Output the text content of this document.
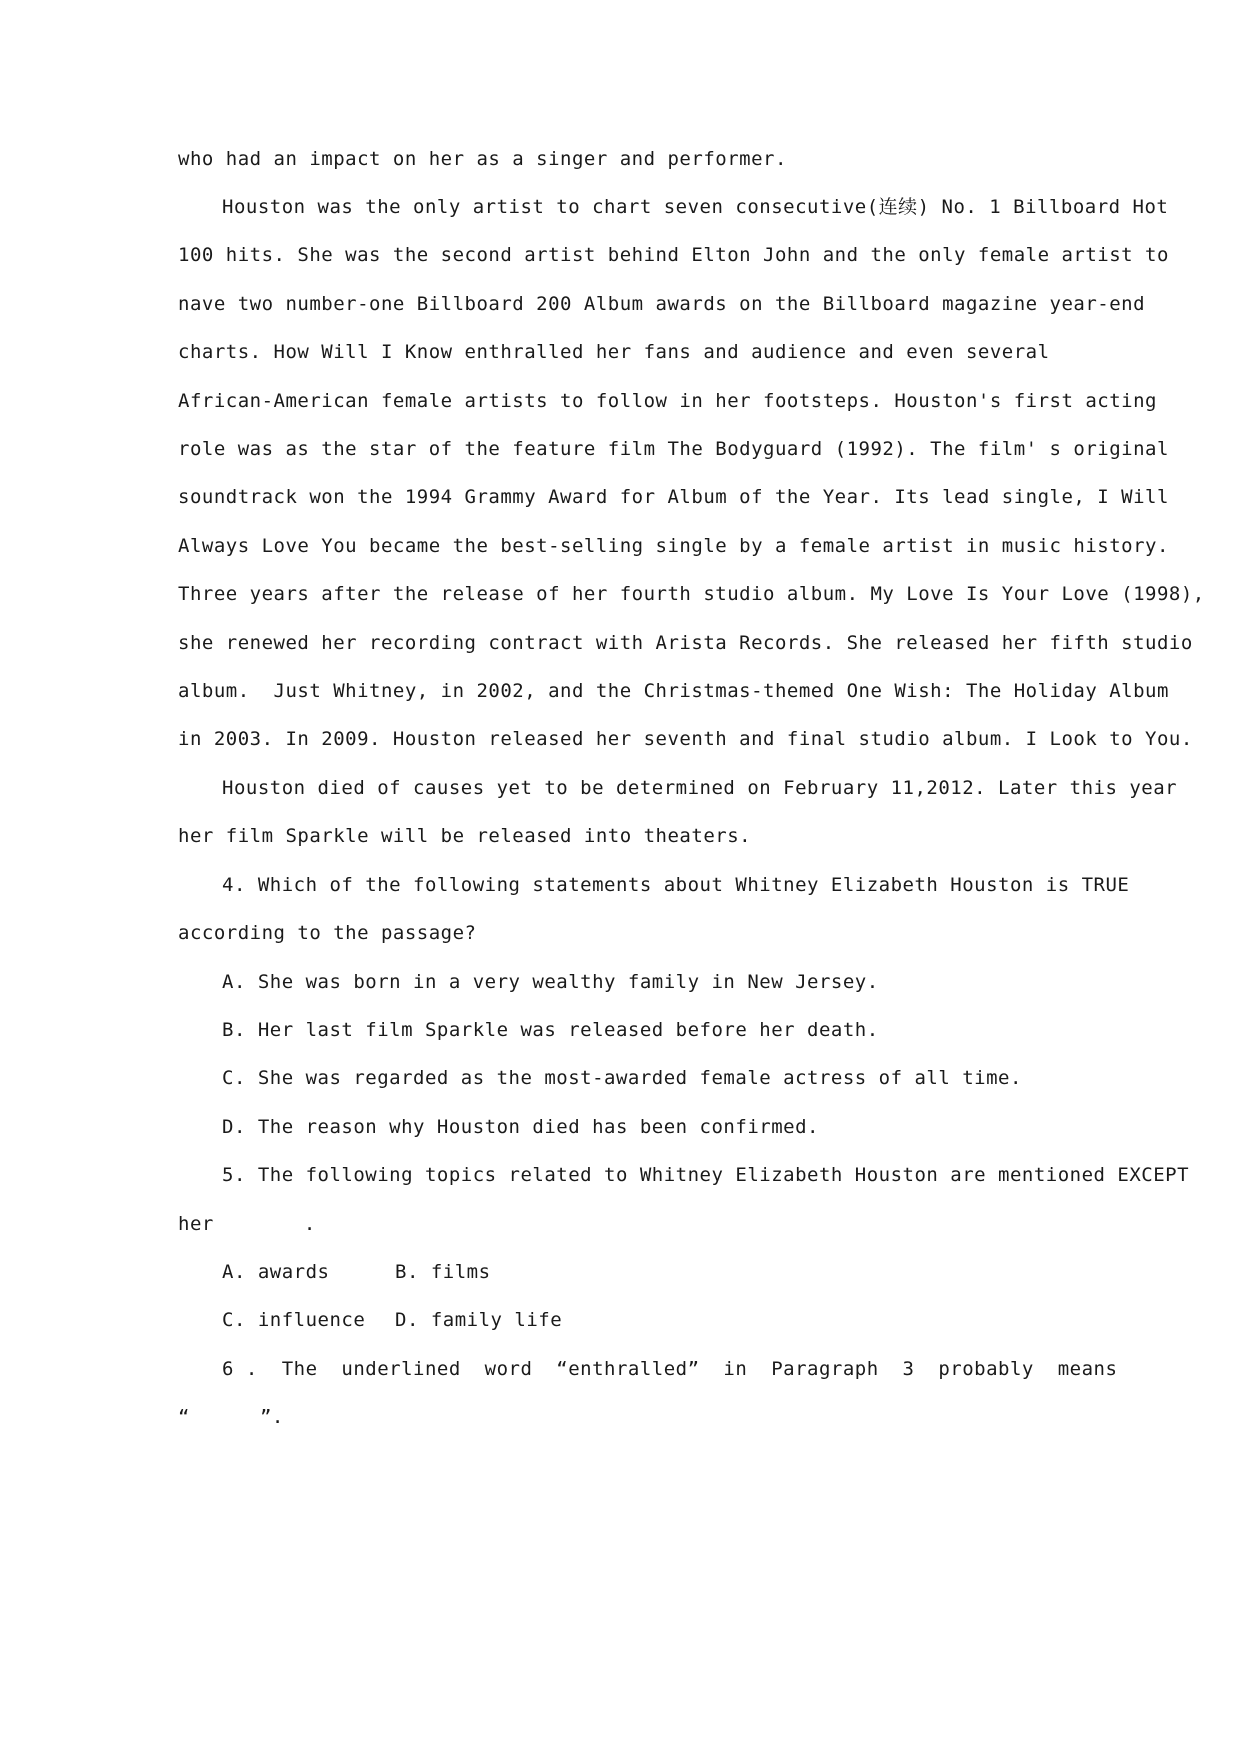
who had an impact on her as a singer and performer.

Houston was the only artist to chart seven consecutive(连续) No. 1 Billboard Hot

100 hits. She was the second artist behind Elton John and the only female artist to

nave two number-one Billboard 200 Album awards on the Billboard magazine year-end

charts. How Will I Know enthralled her fans and audience and even several

African-American female artists to follow in her footsteps. Houston's first acting

role was as the star of the feature film The Bodyguard (1992). The film' s original

soundtrack won the 1994 Grammy Award for Album of the Year. Its lead single, I Will

Always Love You became the best-selling single by a female artist in music history.

Three years after the release of her fourth studio album. My Love Is Your Love (1998),

she renewed her recording contract with Arista Records. She released her fifth studio

album.  Just Whitney, in 2002, and the Christmas-themed One Wish: The Holiday Album

in 2003. In 2009. Houston released her seventh and final studio album. I Look to You.

Houston died of causes yet to be determined on February 11,2012. Later this year

her film Sparkle will be released into theaters.

4. Which of the following statements about Whitney Elizabeth Houston is TRUE

according to the passage?

A. She was born in a very wealthy family in New Jersey.

B. Her last film Sparkle was released before her death.

C. She was regarded as the most-awarded female actress of all time.

D. The reason why Houston died has been confirmed.

5. The following topics related to Whitney Elizabeth Houston are mentioned EXCEPT

her	.

A. awards	B. films
C. influence D. family life

6 .  The  underlined  word  “enthralled”  in  Paragraph  3  probably  means

“	”.
